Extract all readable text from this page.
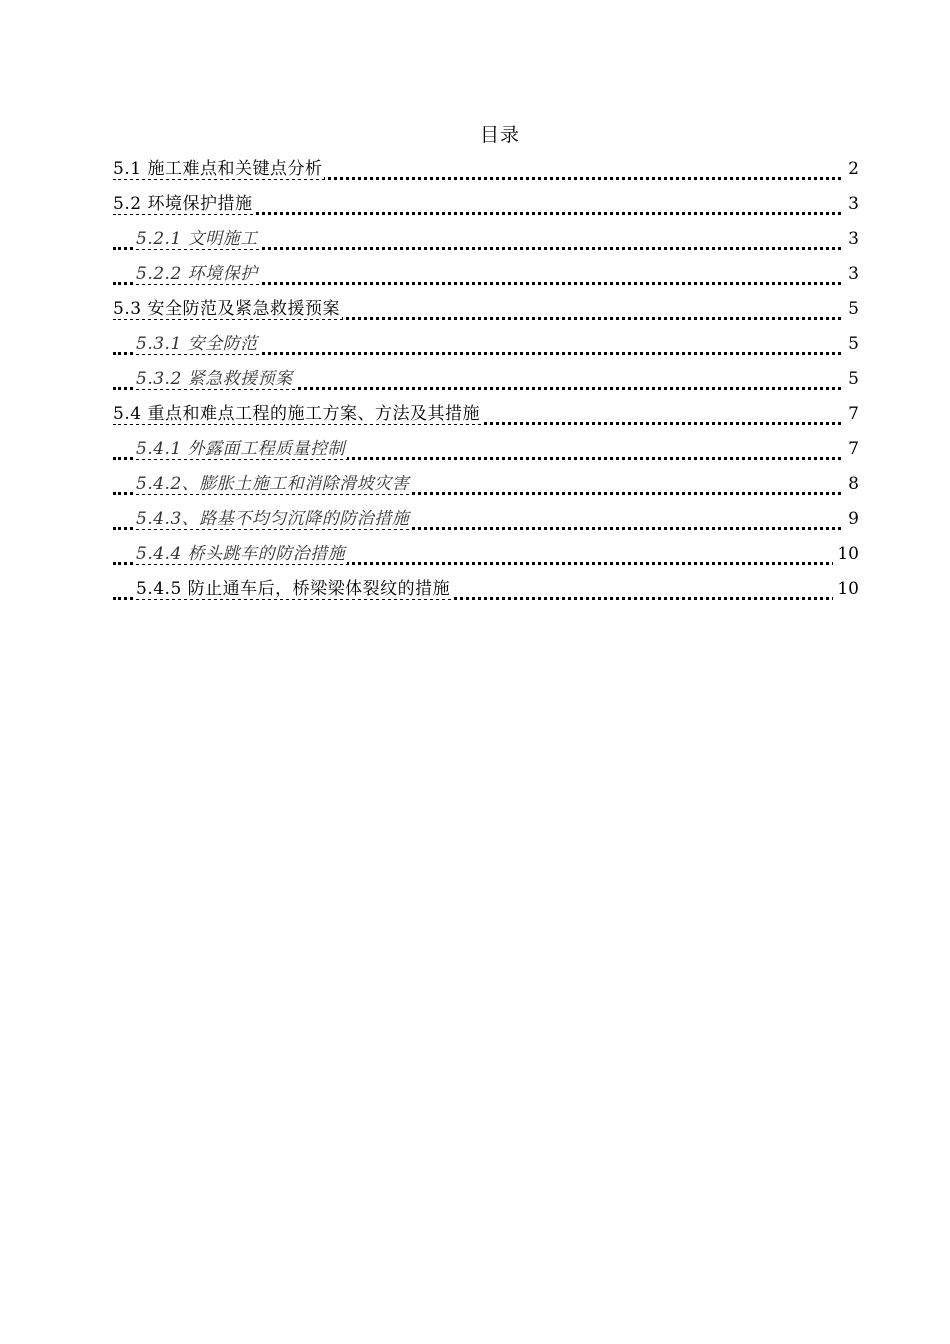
目录
5.1 施工难点和关键点分析	2
5.2 环境保护措施	3
5.2.1 文明施工	3
5.2.2 环境保护	3
5.3 安全防范及紧急救援预案	5
5.3.1 安全防范	5
5.3.2 紧急救援预案	5
5.4 重点和难点工程的施工方案、方法及其措施	7
5.4.1 外露面工程质量控制	7
5.4.2、膨胀土施工和消除滑坡灾害	8
5.4.3、路基不均匀沉降的防治措施	9
5.4.4 桥头跳车的防治措施	10
5.4.5 防止通车后，桥梁梁体裂纹的措施	10
